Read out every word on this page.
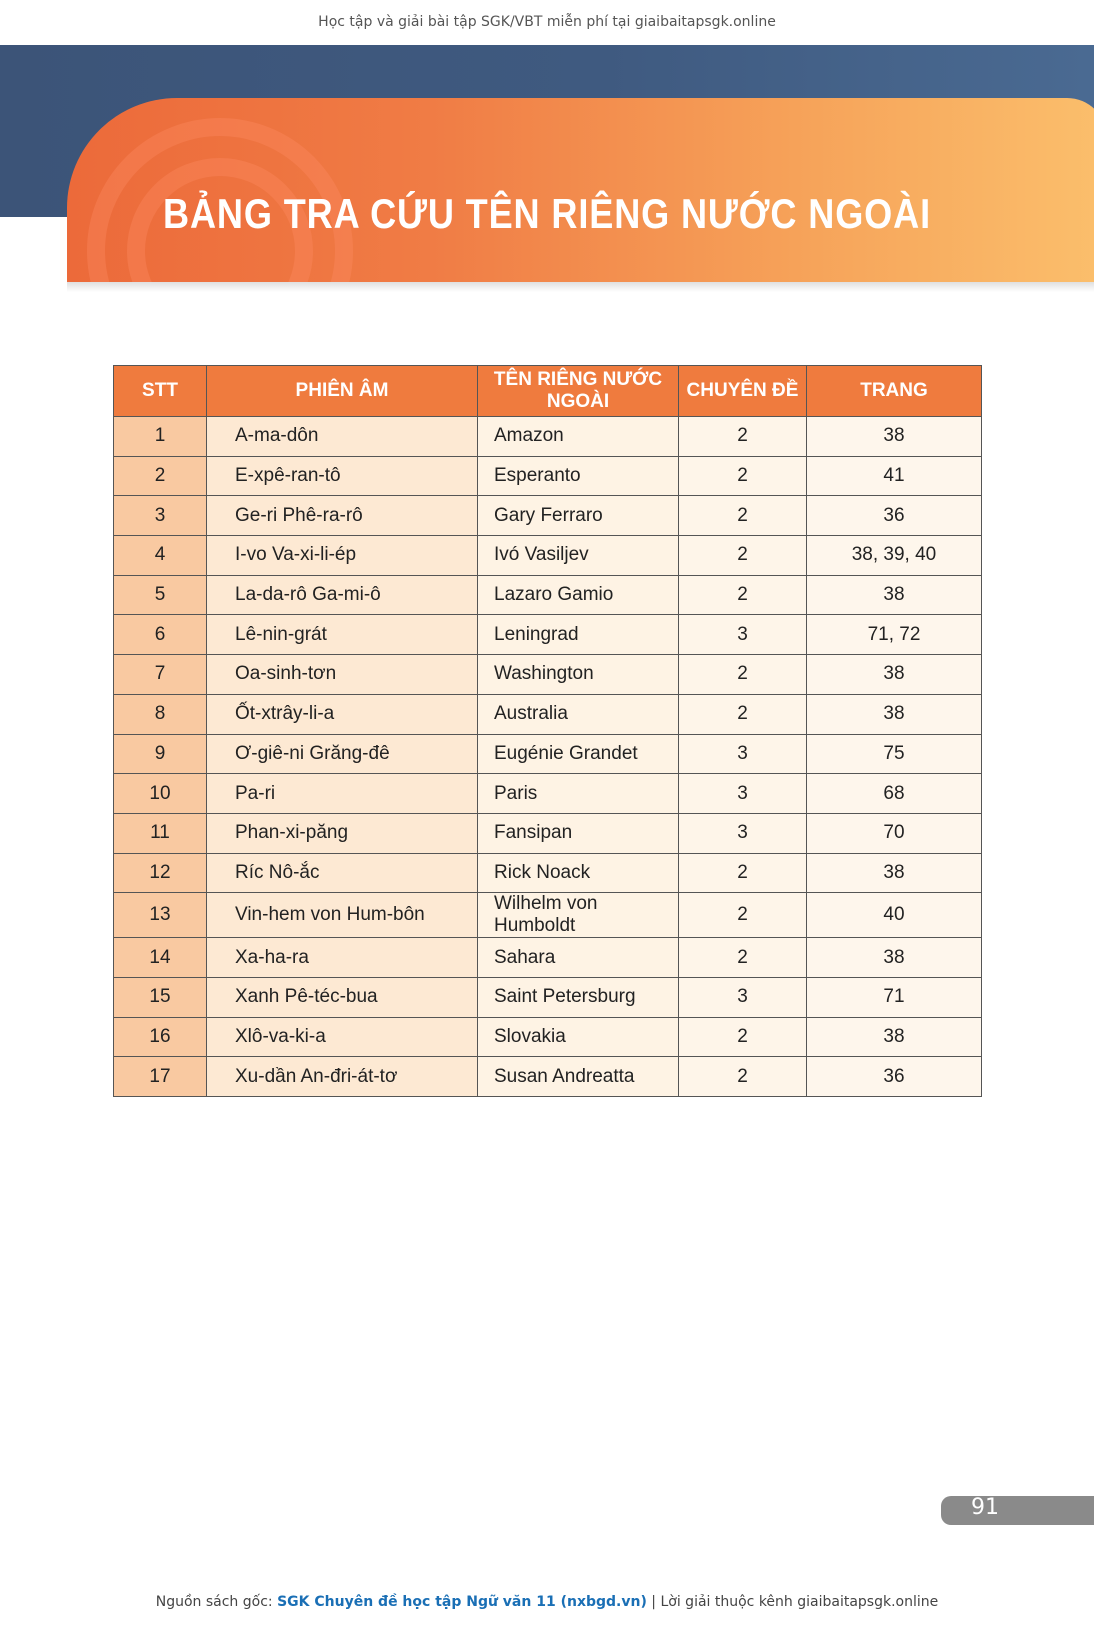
Học tập và giải bài tập SGK/VBT miễn phí tại giaibaitapsgk.online
BẢNG TRA CỨU TÊN RIÊNG NƯỚC NGOÀI
STT	PHIÊN ÂM	TÊN RIÊNG NƯỚC NGOÀI	CHUYÊN ĐỀ	TRANG
1	A-ma-dôn	Amazon	2	38
2	E-xpê-ran-tô	Esperanto	2	41
3	Ge-ri Phê-ra-rô	Gary Ferraro	2	36
4	I-vo Va-xi-li-ép	Ivó Vasiljev	2	38, 39, 40
5	La-da-rô Ga-mi-ô	Lazaro Gamio	2	38
6	Lê-nin-grát	Leningrad	3	71, 72
7	Oa-sinh-tơn	Washington	2	38
8	Ốt-xtrây-li-a	Australia	2	38
9	Ơ-giê-ni Grăng-đê	Eugénie Grandet	3	75
10	Pa-ri	Paris	3	68
11	Phan-xi-păng	Fansipan	3	70
12	Ríc Nô-ắc	Rick Noack	2	38
13	Vin-hem von Hum-bôn	Wilhelm von Humboldt	2	40
14	Xa-ha-ra	Sahara	2	38
15	Xanh Pê-téc-bua	Saint Petersburg	3	71
16	Xlô-va-ki-a	Slovakia	2	38
17	Xu-dần An-đri-át-tơ	Susan Andreatta	2	36
91
Nguồn sách gốc: SGK Chuyên đề học tập Ngữ văn 11 (nxbgd.vn) | Lời giải thuộc kênh giaibaitapsgk.online
